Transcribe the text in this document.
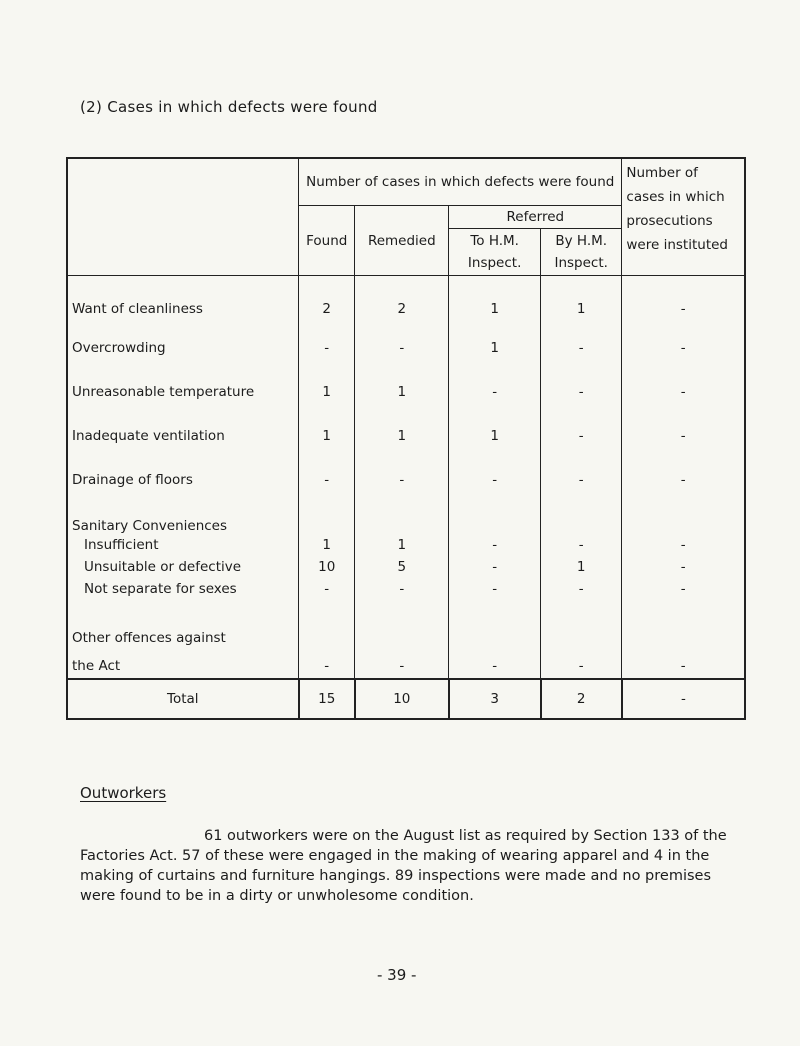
(2) Cases in which defects were found
	Number of cases in which defects were found				Number of cases in which prosecutions were instituted
	Found	Remedied	Referred		
			To H.M. Inspect.	By H.M. Inspect.	
Want of cleanliness	2	2	1	1	-
Overcrowding	-	-	1	-	-
Unreasonable temperature	1	1	-	-	-
Inadequate ventilation	1	1	1	-	-
Drainage of floors	-	-	-	-	-
Sanitary Conveniences					
Insufficient	1	1	-	-	-
Unsuitable or defective	10	5	-	1	-
Not separate for sexes	-	-	-	-	-
Other offences against					
the Act	-	-	-	-	-
Total	15	10	3	2	-
Outworkers
61 outworkers were on the August list as required by Section 133 of the Factories Act. 57 of these were engaged in the making of wearing apparel and 4 in the making of curtains and furniture hangings. 89 inspections were made and no premises were found to be in a dirty or unwholesome condition.
- 39 -
